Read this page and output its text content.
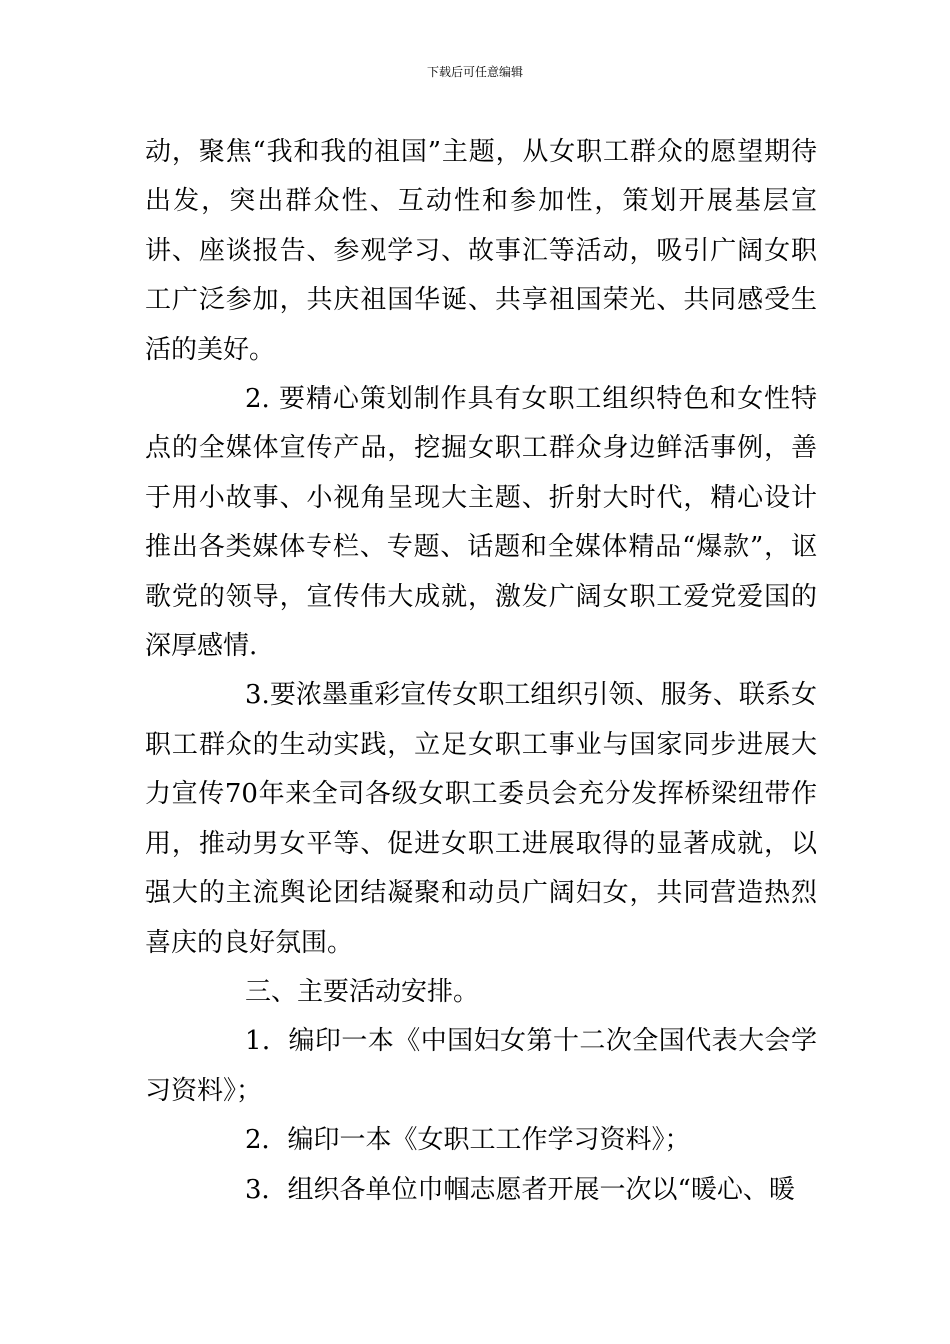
下载后可任意编辑

动，聚焦“我和我的祖国”主题，从女职工群众的愿望期待出发，突出群众性、互动性和参加性，策划开展基层宣讲、座谈报告、参观学习、故事汇等活动，吸引广阔女职工广泛参加，共庆祖国华诞、共享祖国荣光、共同感受生活的美好。

2. 要精心策划制作具有女职工组织特色和女性特点的全媒体宣传产品，挖掘女职工群众身边鲜活事例，善于用小故事、小视角呈现大主题、折射大时代，精心设计推出各类媒体专栏、专题、话题和全媒体精品“爆款”，讴歌党的领导，宣传伟大成就，激发广阔女职工爱党爱国的深厚感情.

3.要浓墨重彩宣传女职工组织引领、服务、联系女职工群众的生动实践，立足女职工事业与国家同步进展大力宣传70年来全司各级女职工委员会充分发挥桥梁纽带作用，推动男女平等、促进女职工进展取得的显著成就，以强大的主流舆论团结凝聚和动员广阔妇女，共同营造热烈喜庆的良好氛围。

三、主要活动安排。

1．编印一本《中国妇女第十二次全国代表大会学习资料》；

2．编印一本《女职工工作学习资料》；

3．组织各单位巾帼志愿者开展一次以“暖心、暖
